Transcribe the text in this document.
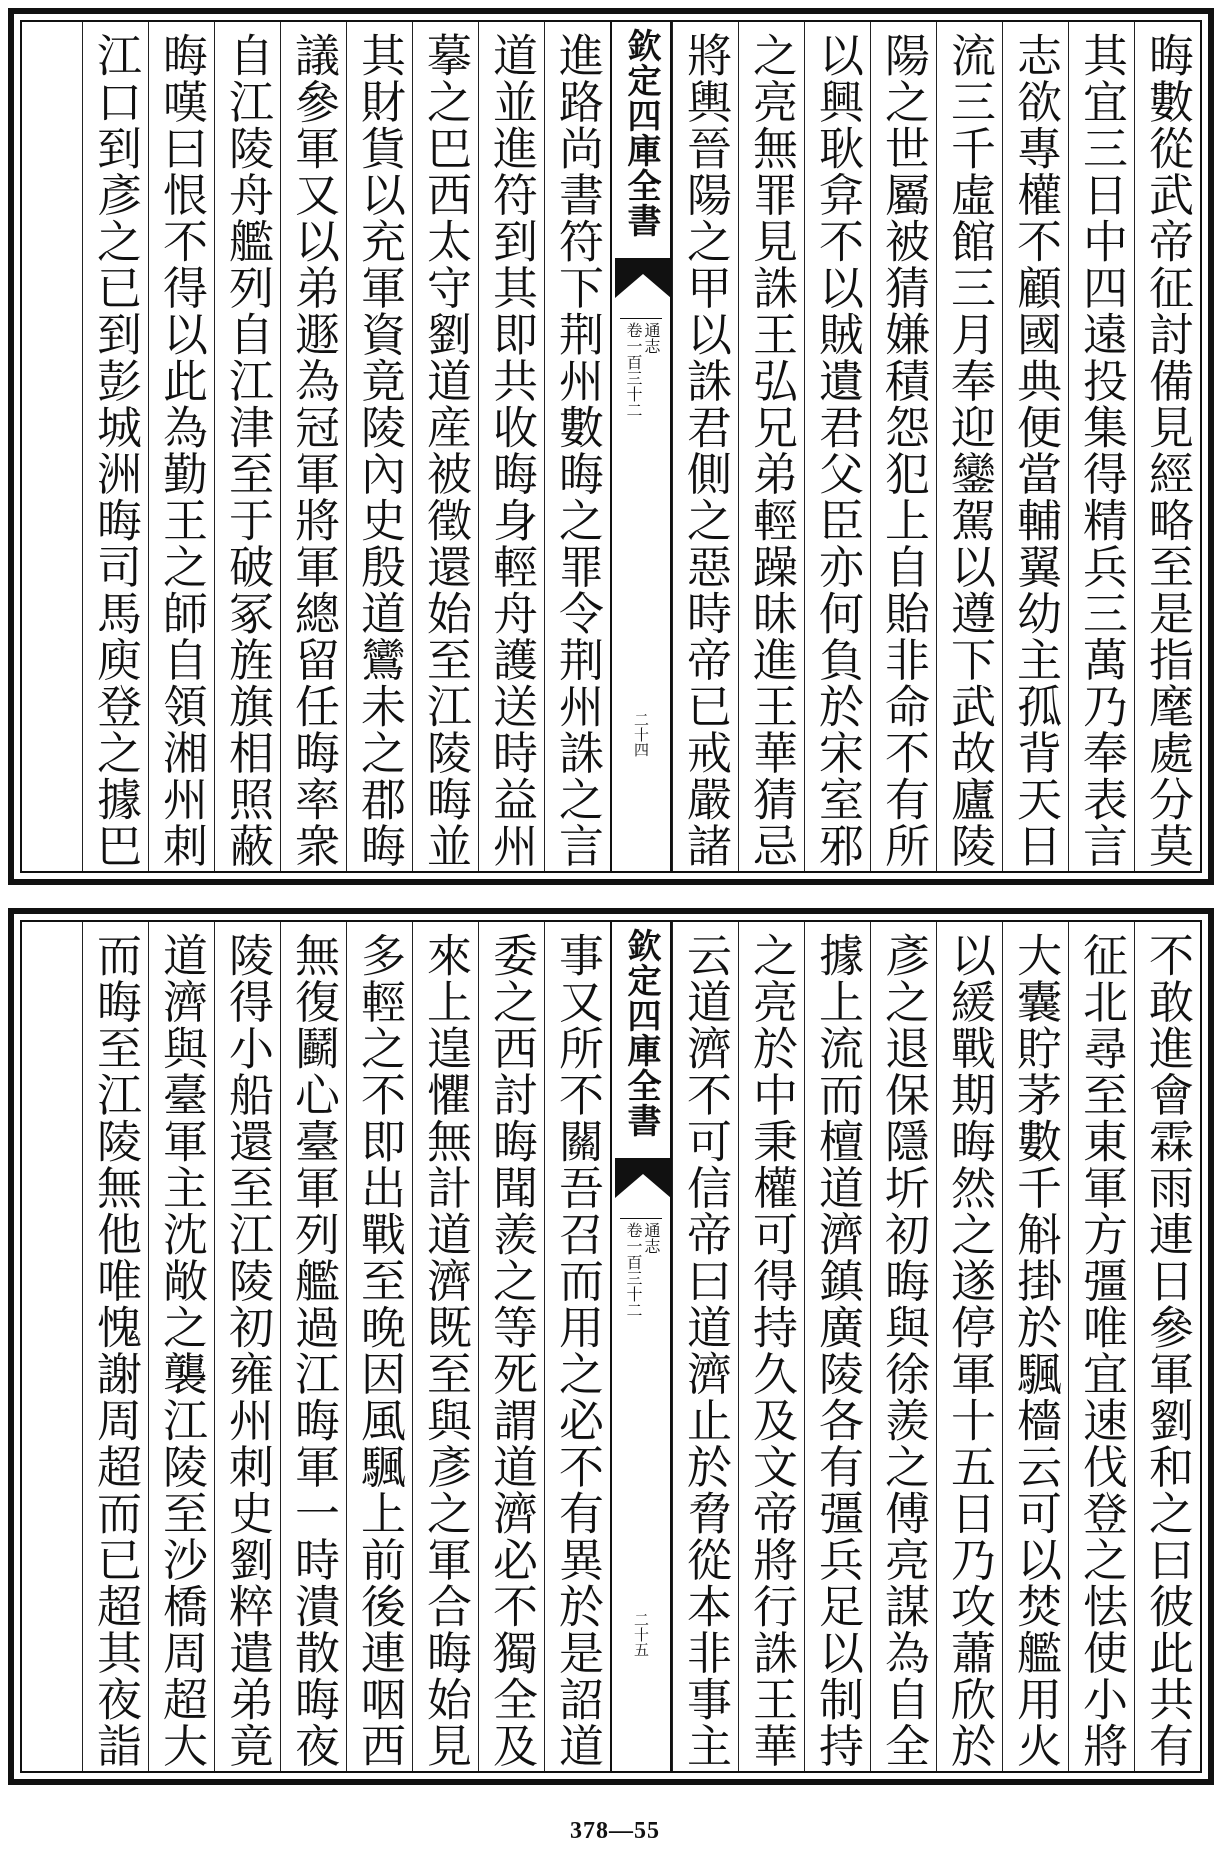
晦數從武帝征討備見經略至是指麾處分莫
其宜三日中四遠投集得精兵三萬乃奉表言
志欲專權不顧國典便當輔翼幼主孤背天日
流三千虛館三月奉迎鑾駕以遵下武故廬陵
陽之世屬被猜嫌積怨犯上自貽非命不有所
以興耿弇不以賊遺君父臣亦何負於宋室邪
之亮無罪見誅王弘兄弟輕躁昧進王華猜忌
將輿晉陽之甲以誅君側之惡時帝已戒嚴諸
欽定四庫全書
通志
卷一百三十二
二十四
進路尚書符下荆州數晦之罪令荆州誅之言
道並進符到其即共收晦身輕舟護送時益州
摹之巴西太守劉道産被徵還始至江陵晦並
其財貨以充軍資竟陵內史殷道鸞未之郡晦
議參軍又以弟遯為冠軍將軍總留任晦率衆
自江陵舟艦列自江津至于破冢旌旗相照蔽
晦嘆曰恨不得以此為勤王之師自領湘州刺
江口到彥之已到彭城洲晦司馬庾登之據巴
不敢進會霖雨連日參軍劉和之曰彼此共有
征北尋至東軍方彊唯宜速伐登之怯使小將
大囊貯茅數千斛掛於颿檣云可以焚艦用火
以緩戰期晦然之遂停軍十五日乃攻蕭欣於
彥之退保隱圻初晦與徐羨之傅亮謀為自全
據上流而檀道濟鎮廣陵各有彊兵足以制持
之亮於中秉權可得持久及文帝將行誅王華
云道濟不可信帝曰道濟止於脅從本非事主
欽定四庫全書
通志
卷一百三十二
二十五
事又所不關吾召而用之必不有異於是詔道
委之西討晦聞羨之等死謂道濟必不獨全及
來上遑懼無計道濟既至與彥之軍合晦始見
多輕之不即出戰至晚因風颿上前後連咽西
無復鬬心臺軍列艦過江晦軍一時潰散晦夜
陵得小船還至江陵初雍州刺史劉粹遣弟竟
道濟與臺軍主沈敞之襲江陵至沙橋周超大
而晦至江陵無他唯愧謝周超而已超其夜詣
378—55
